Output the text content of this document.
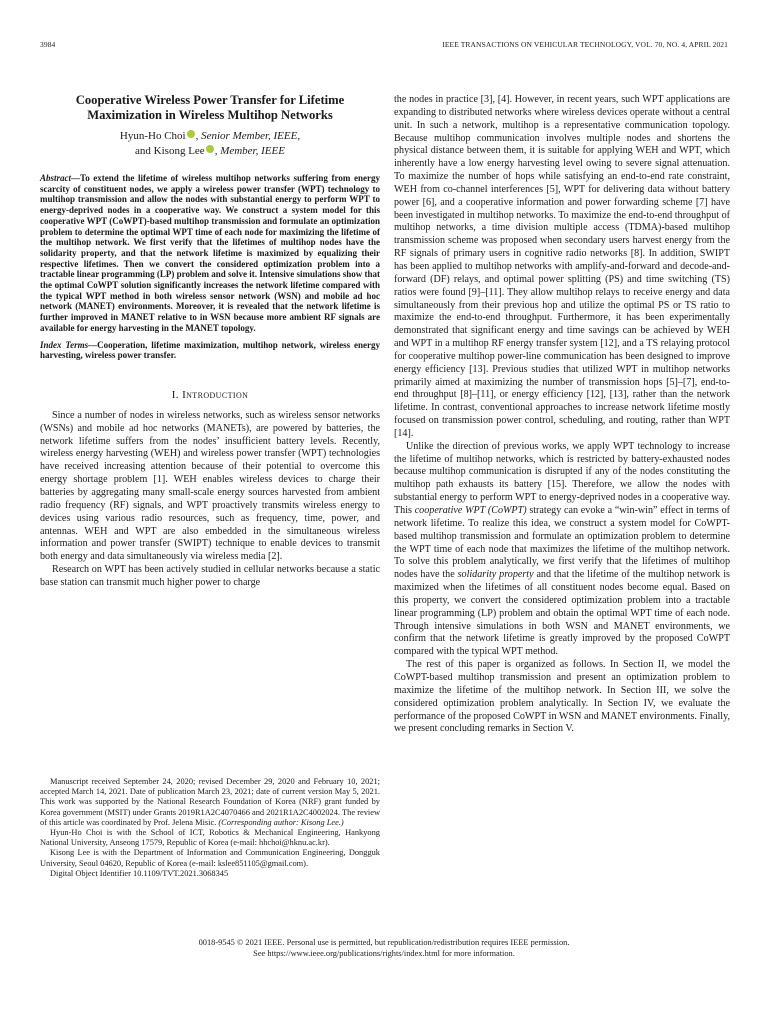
3984	IEEE TRANSACTIONS ON VEHICULAR TECHNOLOGY, VOL. 70, NO. 4, APRIL 2021
Cooperative Wireless Power Transfer for Lifetime Maximization in Wireless Multihop Networks
Hyun-Ho Choi , Senior Member, IEEE,
and Kisong Lee , Member, IEEE

Abstract—To extend the lifetime of wireless multihop networks suffering from energy scarcity of constituent nodes, we apply a wireless power transfer (WPT) technology to multihop transmission and allow the nodes with substantial energy to perform WPT to energy-deprived nodes in a cooperative way. We construct a system model for this cooperative WPT (CoWPT)-based multihop transmission and formulate an optimization problem to determine the optimal WPT time of each node for maximizing the lifetime of the multihop network. We first verify that the lifetimes of multihop nodes have the solidarity property, and that the network lifetime is maximized by equalizing their respective lifetimes. Then we convert the considered optimization problem into a tractable linear programming (LP) problem and solve it. Intensive simulations show that the optimal CoWPT solution significantly increases the network lifetime compared with the typical WPT method in both wireless sensor network (WSN) and mobile ad hoc network (MANET) environments. Moreover, it is revealed that the network lifetime is further improved in MANET relative to in WSN because more ambient RF signals are available for energy harvesting in the MANET topology.

Index Terms—Cooperation, lifetime maximization, multihop network, wireless energy harvesting, wireless power transfer.

I. Introduction

Since a number of nodes in wireless networks, such as wireless sensor networks (WSNs) and mobile ad hoc networks (MANETs), are powered by batteries, the network lifetime suffers from the nodes’ insufficient battery levels. Recently, wireless energy harvesting (WEH) and wireless power transfer (WPT) technologies have received increasing attention because of their potential to overcome this energy shortage problem [1]. WEH enables wireless devices to charge their batteries by aggregating many small-scale energy sources harvested from ambient radio frequency (RF) signals, and WPT proactively transmits wireless energy to devices using various radio resources, such as frequency, time, power, and antennas. WEH and WPT are also embedded in the simultaneous wireless information and power transfer (SWIPT) technique to enable devices to transmit both energy and data simultaneously via wireless media [2].

Research on WPT has been actively studied in cellular networks because a static base station can transmit much higher power to charge

the nodes in practice [3], [4]. However, in recent years, such WPT applications are expanding to distributed networks where wireless devices operate without a central unit. In such a network, multihop is a representative communication topology. Because multihop communication involves multiple nodes and shortens the physical distance between them, it is suitable for applying WEH and WPT, which inherently have a low energy harvesting level owing to severe signal attenuation. To maximize the number of hops while satisfying an end-to-end rate constraint, WEH from co-channel interferences [5], WPT for delivering data without battery power [6], and a cooperative information and power forwarding scheme [7] have been investigated in multihop networks. To maximize the end-to-end throughput of multihop networks, a time division multiple access (TDMA)-based multihop transmission scheme was proposed when secondary users harvest energy from the RF signals of primary users in cognitive radio networks [8]. In addition, SWIPT has been applied to multihop networks with amplify-and-forward and decode-and-forward (DF) relays, and optimal power splitting (PS) and time switching (TS) ratios were found [9]–[11]. They allow multihop relays to receive energy and data simultaneously from their previous hop and utilize the optimal PS or TS ratio to maximize the end-to-end throughput. Furthermore, it has been experimentally demonstrated that significant energy and time savings can be achieved by WEH and WPT in a multihop RF energy transfer system [12], and a TS relaying protocol for cooperative multihop power-line communication has been designed to improve energy efficiency [13]. Previous studies that utilized WPT in multihop networks primarily aimed at maximizing the number of transmission hops [5]–[7], end-to-end throughput [8]–[11], or energy efficiency [12], [13], rather than the network lifetime. In contrast, conventional approaches to increase network lifetime mostly focused on transmission power control, scheduling, and routing, rather than WPT [14].

Unlike the direction of previous works, we apply WPT technology to increase the lifetime of multihop networks, which is restricted by battery-exhausted nodes because multihop communication is disrupted if any of the nodes constituting the multihop path exhausts its battery [15]. Therefore, we allow the nodes with substantial energy to perform WPT to energy-deprived nodes in a cooperative way. This cooperative WPT (CoWPT) strategy can evoke a “win-win” effect in terms of network lifetime. To realize this idea, we construct a system model for CoWPT-based multihop transmission and formulate an optimization problem to determine the WPT time of each node that maximizes the lifetime of the multihop network. To solve this problem analytically, we first verify that the lifetimes of multihop nodes have the solidarity property and that the lifetime of the multihop network is maximized when the lifetimes of all constituent nodes become equal. Based on this property, we convert the considered optimization problem into a tractable linear programming (LP) problem and obtain the optimal WPT time of each node. Through intensive simulations in both WSN and MANET environments, we confirm that the network lifetime is greatly improved by the proposed CoWPT compared with the typical WPT method.

The rest of this paper is organized as follows. In Section II, we model the CoWPT-based multihop transmission and present an optimization problem to maximize the lifetime of the multihop network. In Section III, we solve the considered optimization problem analytically. In Section IV, we evaluate the performance of the proposed CoWPT in WSN and MANET environments. Finally, we present concluding remarks in Section V.

Manuscript received September 24, 2020; revised December 29, 2020 and February 10, 2021; accepted March 14, 2021. Date of publication March 23, 2021; date of current version May 5, 2021. This work was supported by the National Research Foundation of Korea (NRF) grant funded by Korea government (MSIT) under Grants 2019R1A2C4070466 and 2021R1A2C4002024. The review of this article was coordinated by Prof. Jelena Misic. (Corresponding author: Kisong Lee.)

Hyun-Ho Choi is with the School of ICT, Robotics & Mechanical Engineering, Hankyong National University, Anseong 17579, Republic of Korea (e-mail: hhchoi@hknu.ac.kr).

Kisong Lee is with the Department of Information and Communication Engineering, Dongguk University, Seoul 04620, Republic of Korea (e-mail: kslee851105@gmail.com).

Digital Object Identifier 10.1109/TVT.2021.3068345

0018-9545 © 2021 IEEE. Personal use is permitted, but republication/redistribution requires IEEE permission.
See https://www.ieee.org/publications/rights/index.html for more information.
